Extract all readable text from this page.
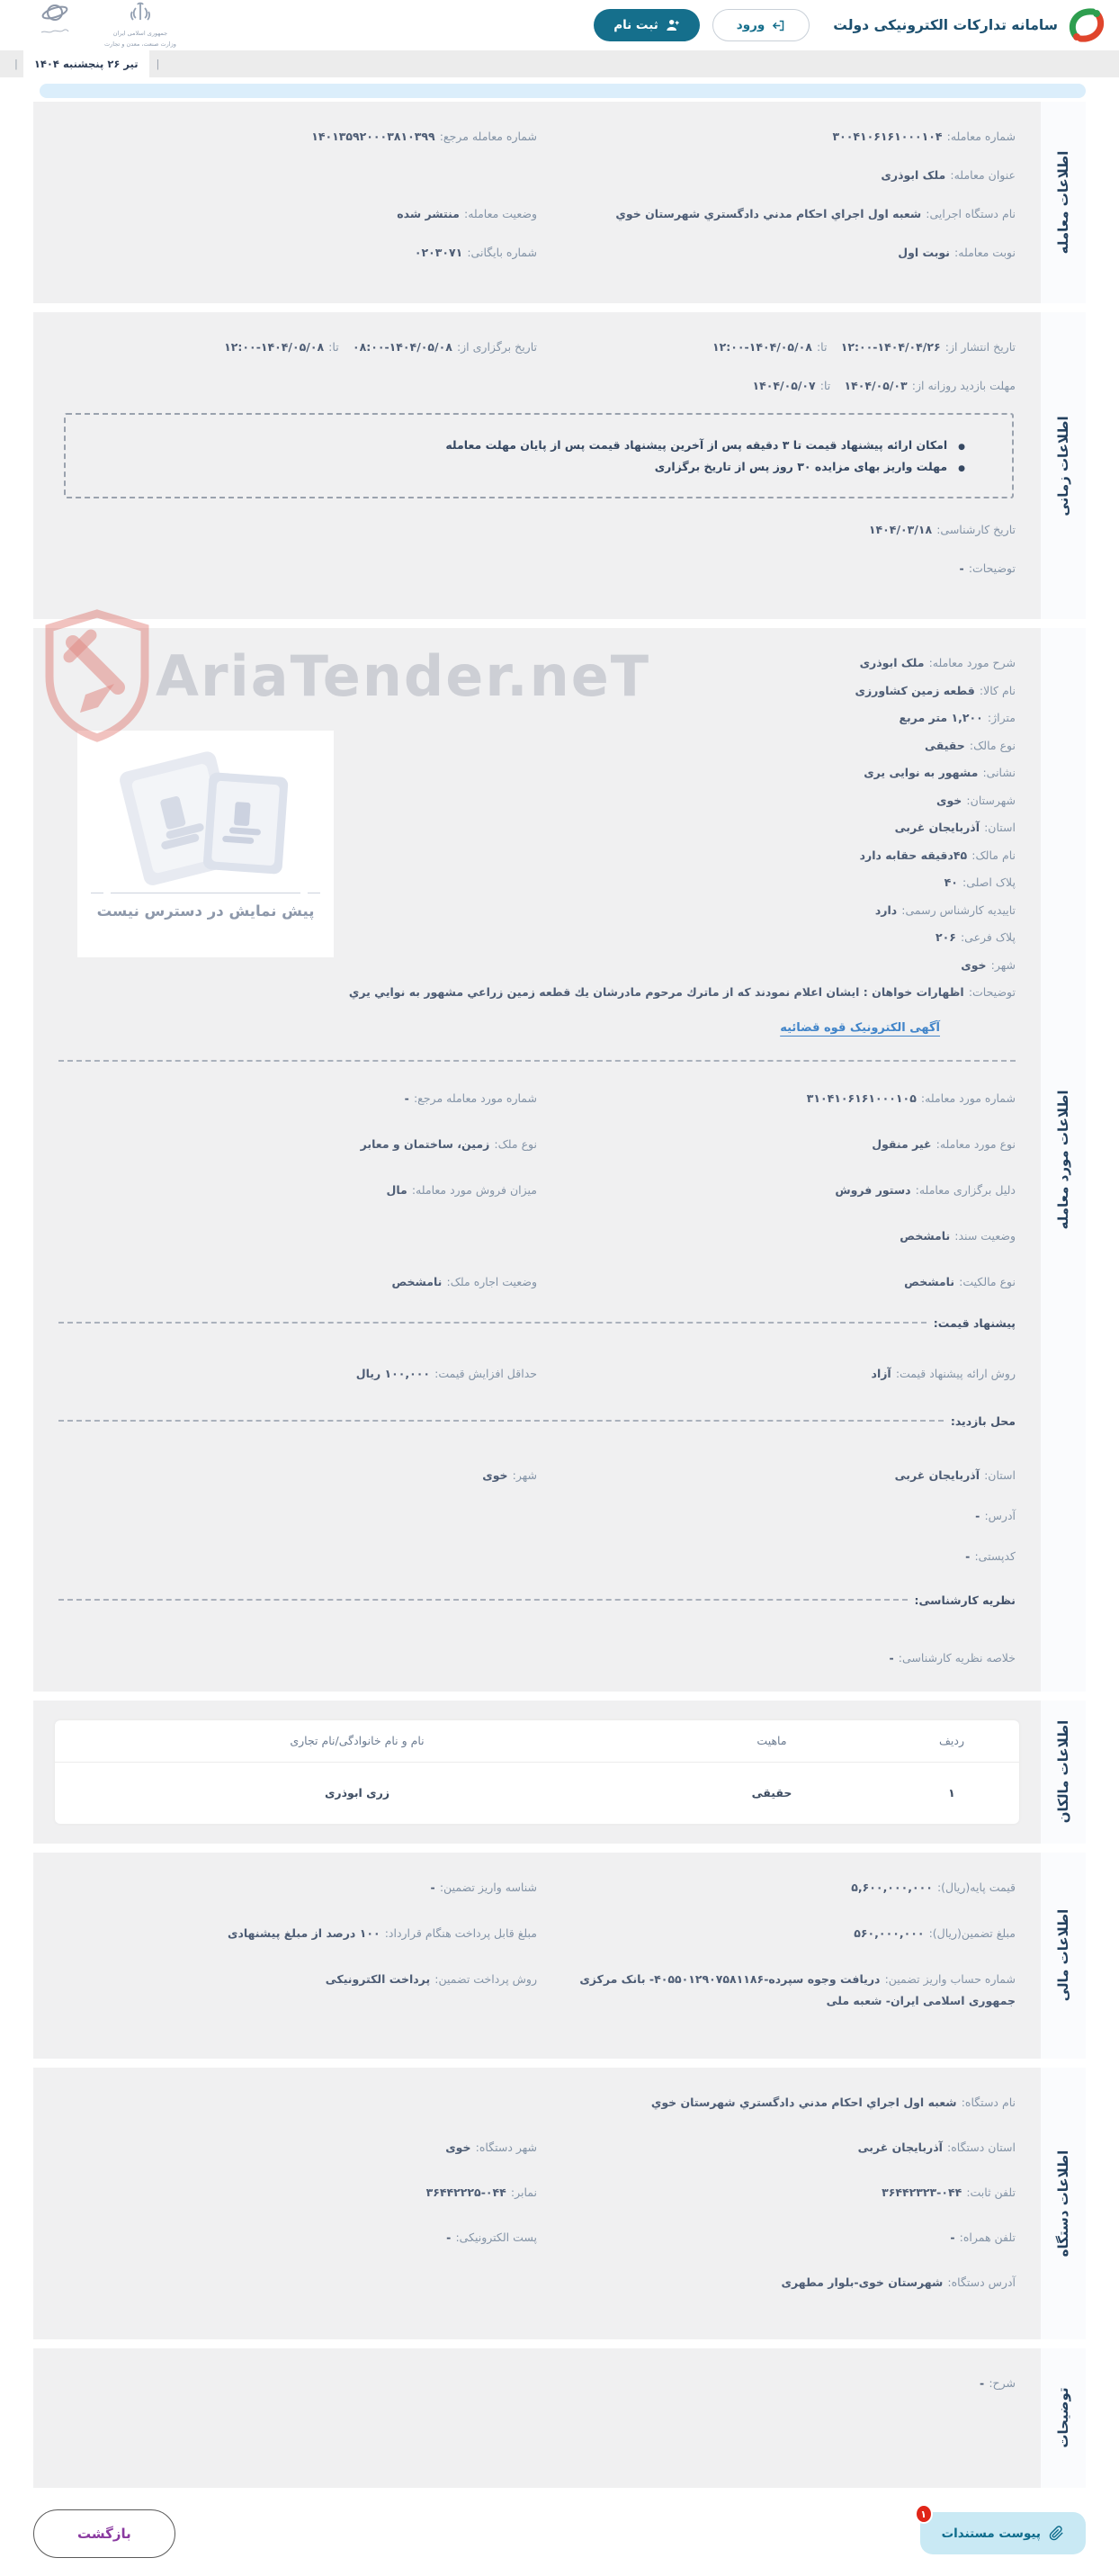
سامانه تدارکات الکترونیکی دولت
ورود
ثبت نام
جمهوری اسلامی ایران
وزارت صنعت، معدن و تجارت
|
تیر ۲۶ پنجشنبه ۱۴۰۴
|
اطلاعات معامله
شماره معامله: ۳۰۰۴۱۰۶۱۶۱۰۰۰۱۰۴
شماره معامله مرجع: ۱۴۰۱۳۵۹۲۰۰۰۳۸۱۰۳۹۹
عنوان معامله: ملک ابوذری
نام دستگاه اجرایی: شعبه اول اجراي احكام مدني دادگستري شهرستان خوي
وضعیت معامله: منتشر شده
نوبت معامله: نوبت اول
شماره بایگانی: ۰۲۰۳۰۷۱
اطلاعات زمانی
تاریخ انتشار از: ۱۴۰۴/۰۴/۲۶-۱۲:۰۰   تا: ۱۴۰۴/۰۵/۰۸-۱۲:۰۰
تاریخ برگزاری از: ۱۴۰۴/۰۵/۰۸-۰۸:۰۰   تا: ۱۴۰۴/۰۵/۰۸-۱۲:۰۰
مهلت بازدید روزانه از: ۱۴۰۴/۰۵/۰۳   تا: ۱۴۰۴/۰۵/۰۷

● امکان ارائه پیشنهاد قیمت تا ۳ دقیقه پس از آخرین پیشنهاد قیمت پس از پایان مهلت معامله
● مهلت واریز بهای مزایده ۳۰ روز پس از تاریخ برگزاری
تاریخ کارشناسی: ۱۴۰۴/۰۳/۱۸
توضیحات: -
اطلاعات مورد معامله
AriaTender.neT	شرح مورد معامله: ملک ابوذری
نام کالا: قطعه زمین کشاورزی
متراژ: ۱,۲۰۰ متر مربع
نوع مالک: حقیقی
نشانی: مشهور به نوایی یری
شهرستان: خوی
استان: آذربایجان غربی
نام مالک: ۴۵دقیقه حقابه دارد
پلاک اصلی: ۴۰
تاییدیه کارشناس رسمی: دارد
پلاک فرعی: ۲۰۶
شهر: خوی
توضیحات: اظهارات خواهان : ایشان اعلام نمودند که از ماترك مرحوم مادرشان یك قطعه زمین زراعي مشهور به نوایي یري
آگهی الکترونیک قوه قضائیه
پیش نمایش در دسترس نیست
شماره مورد معامله: ۳۱۰۴۱۰۶۱۶۱۰۰۰۱۰۵
شماره مورد معامله مرجع: -
نوع مورد معامله: غیر منقول
نوع ملک: زمین، ساختمان و معابر
دلیل برگزاری معامله: دستور فروش
میزان فروش مورد معامله: مال
وضعیت سند: نامشخص
نوع مالکیت: نامشخص
وضعیت اجاره ملک: نامشخص
پیشنهاد قیمت:
روش ارائه پیشنهاد قیمت: آزاد
حداقل افزایش قیمت: ۱۰۰,۰۰۰ ریال
محل بازدید:
استان: آذربایجان غربی
شهر: خوی
آدرس: -
کدپستی: -
نظریه کارشناسی:
خلاصه نظریه کارشناسی: -
اطلاعات مالکان
ردیف
ماهیت
نام و نام خانوادگی/نام تجاری
۱
حقیقی
زری ابوذری
اطلاعات مالی
قیمت پایه(ریال): ۵,۶۰۰,۰۰۰,۰۰۰
شناسه واریز تضمین: -
مبلغ تضمین(ریال): ۵۶۰,۰۰۰,۰۰۰
مبلغ قابل پرداخت هنگام قرارداد: ۱۰۰ درصد از مبلغ پیشنهادی
شماره حساب واریز تضمین: دریافت وجوه سپرده-۴۰۵۵۰۱۲۹۰۷۵۸۱۱۸۶- بانک مرکزی جمهوری اسلامی ایران- شعبه ملی
روش پرداخت تضمین: پرداخت الکترونیکی
اطلاعات دستگاه
نام دستگاه: شعبه اول اجراي احكام مدني دادگستري شهرستان خوي
استان دستگاه: آذربایجان غربی
شهر دستگاه: خوی
تلفن ثابت: ۰۴۴-۳۶۴۴۲۳۲۳
نمابر: ۰۴۴-۳۶۴۴۲۲۲۵
تلفن همراه: -
پست الکترونیکی: -
آدرس دستگاه: شهرستان خوی-بلوار مطهری
توضیحات
شرح: -
پیوست مستندات
۱
بازگشت
